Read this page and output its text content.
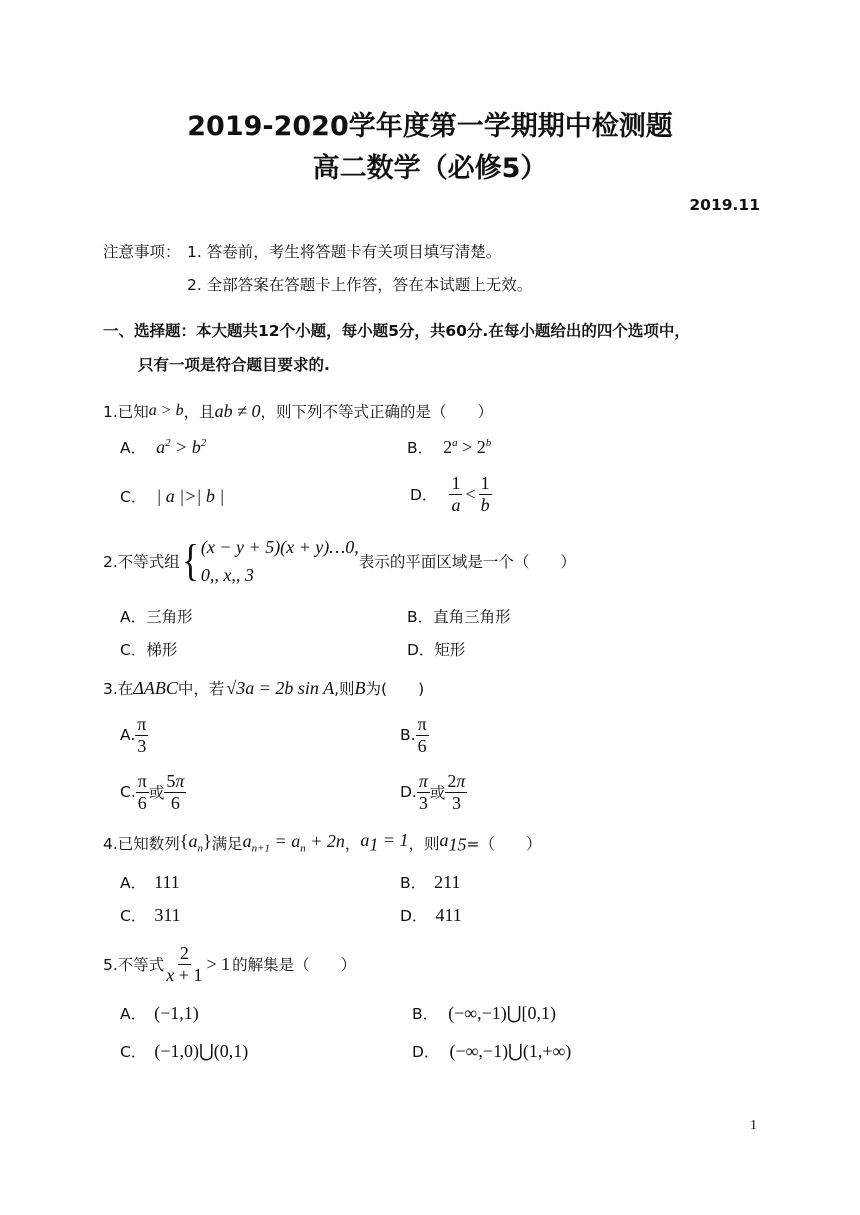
2019-2020学年度第一学期期中检测题
高二数学（必修5）
2019.11
注意事项： 1. 答卷前，考生将答题卡有关项目填写清楚。
2. 全部答案在答题卡上作答，答在本试题上无效。
一、选择题：本大题共12个小题，每小题5分，共60分.在每小题给出的四个选项中，
只有一项是符合题目要求的.
1.已知 a > b ，且 ab ≠ 0 ，则下列不等式正确的是（　　）
A． $a^2 > b^2$	B． $2^a > 2^b$
C． | a |>| b |	D． $\frac{1}{a} < \frac{1}{b}$
2.不等式组 { (x − y + 5)(x + y)…0,
0,, x,, 3
表示的平面区域是一个（　　）
A．三角形	B．直角三角形
C．梯形	D．矩形
3.在 ΔABC 中，若 √3a = 2b sin A ,则 B 为(　　)
A. $\frac{\pi}{3}$	B. $\frac{\pi}{6}$
C. $\frac{\pi}{6}$ 或 $\frac{5\pi}{6}$	D. $\frac{\pi}{3}$ 或 $\frac{2\pi}{3}$
4.已知数列 $\{a_n\}$ 满足 $a_{n+1} = a_n + 2n$ ， $a_1 = 1$ ，则 $a_{15}$ =（　　）
A． 111	B． 211
C． 311	D． 411
5.不等式 $\frac{2}{x + 1} > 1$ 的解集是（　　）
A． (−1,1)	B． (−∞,−1)⋃[0,1)
C． (−1,0)⋃(0,1)	D． (−∞,−1)⋃(1,+∞)
1
